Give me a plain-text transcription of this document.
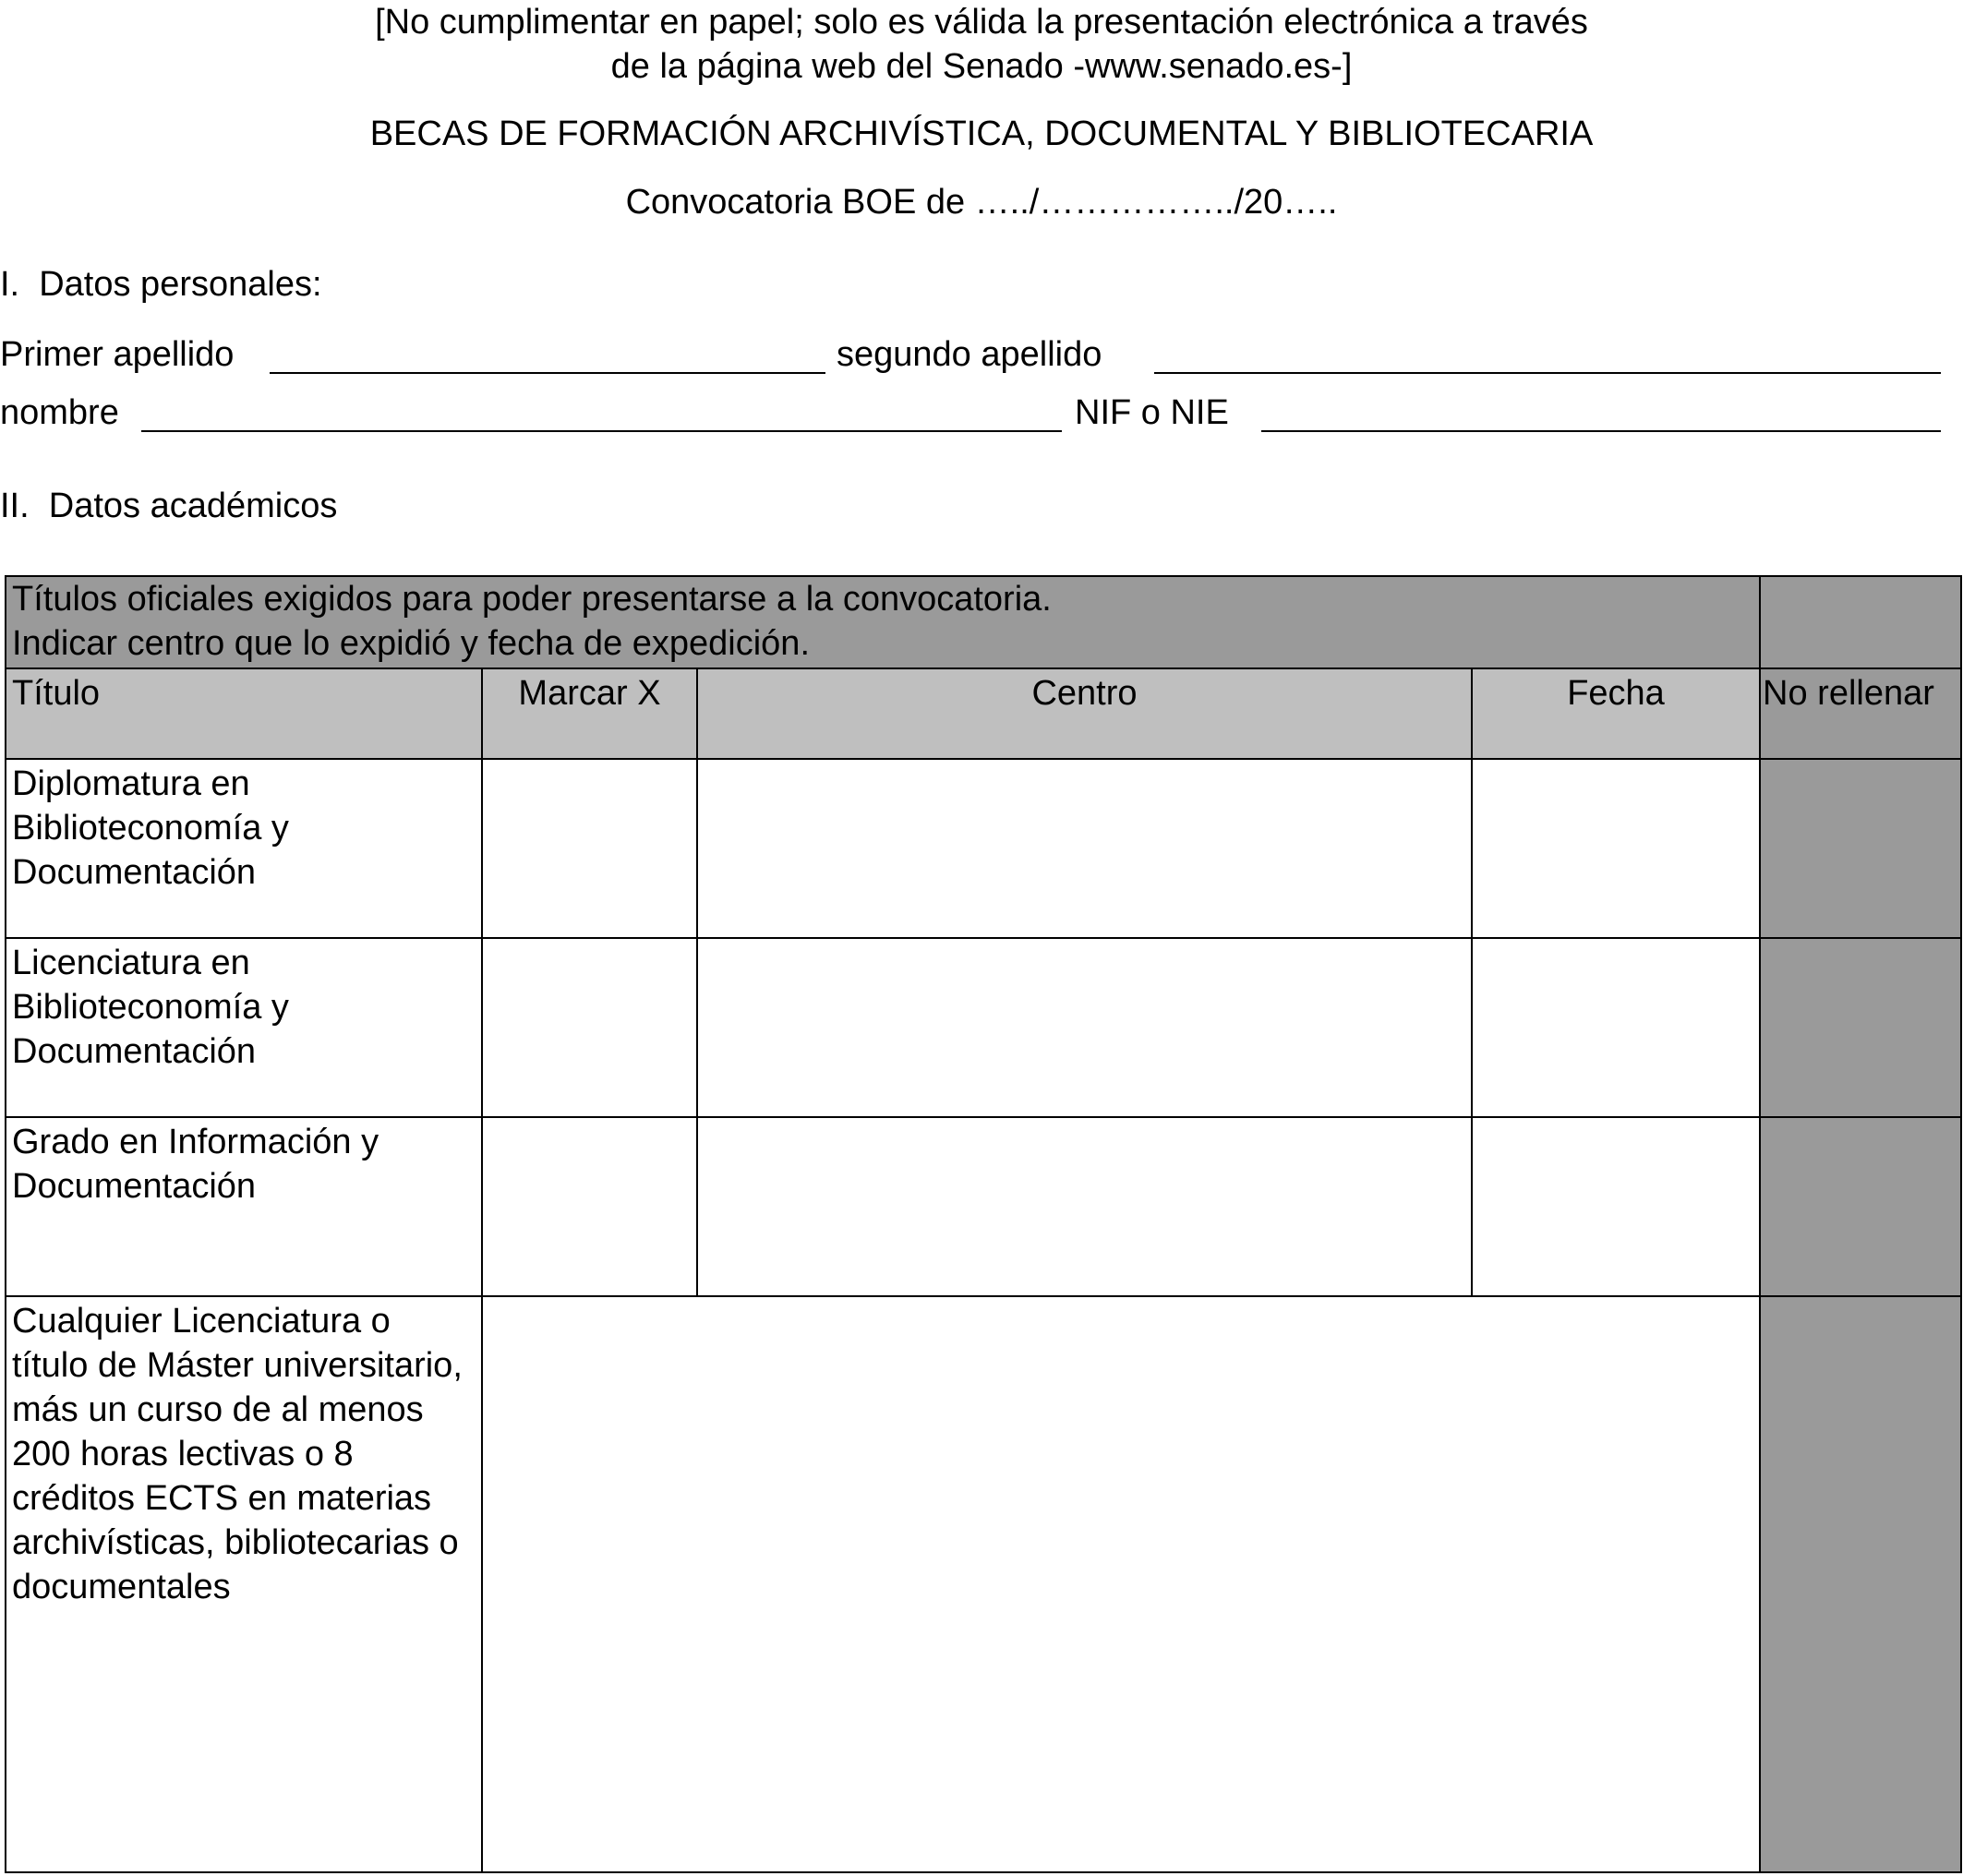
[No cumplimentar en papel; solo es válida la presentación electrónica a través
de la página web del Senado -www.senado.es-]
BECAS DE FORMACIÓN ARCHIVÍSTICA, DOCUMENTAL Y BIBLIOTECARIA
Convocatoria BOE de …../……………../20…..
I.  Datos personales:
Primer apellido	segundo apellido
nombre	NIF o NIE
II.  Datos académicos
Títulos oficiales exigidos para poder presentarse a la convocatoria.
Indicar centro que lo expidió y fecha de expedición.				

Título	Marcar X	Centro	Fecha	No rellenar
Diplomatura en Biblioteconomía y Documentación				
Licenciatura en Biblioteconomía y Documentación				
Grado en Información y Documentación				
Cualquier Licenciatura o título de Máster universitario, más un curso de al menos 200 horas lectivas o 8 créditos ECTS en materias archivísticas, bibliotecarias o documentales				
